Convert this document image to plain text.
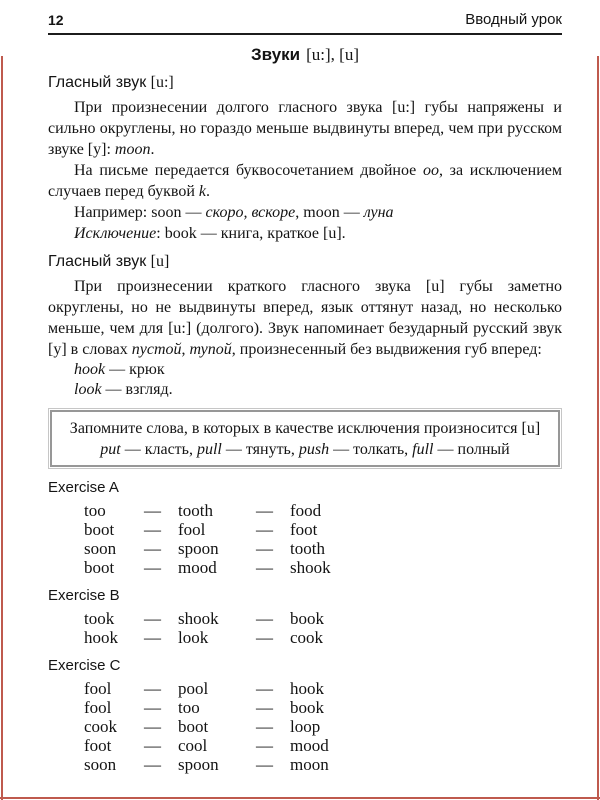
12	Вводный урок
Звуки [u:], [u]
Гласный звук [u:]

При произнесении долгого гласного звука [u:] губы напряжены и сильно округлены, но гораздо меньше выдвинуты вперед, чем при русском звуке [у]: moon.

На письме передается буквосочетанием двойное оо, за исключением случаев перед буквой k.

Например: soon — скоро, вскоре, moon — луна

Исключение: book — книга, краткое [u].

Гласный звук [u]

При произнесении краткого гласного звука [u] губы заметно округлены, но не выдвинуты вперед, язык оттянут назад, но несколько меньше, чем для [u:] (долгого). Звук напоминает безударный русский звук [у] в словах пустой, тупой, произнесенный без выдвижения губ вперед:

hook — крюк

look — взгляд.

Запомните слова, в которых в качестве исключения произносится [u]
put — класть, pull — тянуть, push — толкать, full — полный
Exercise A
too — tooth	— food
boot — fool	— foot
soon — spoon — tooth
boot — mood — shook
Exercise B
took — shook — book
hook — look	— cook
Exercise C
fool — pool	— hook
fool — too	— book
cook — boot	— loop
foot — cool	— mood
soon — spoon — moon
